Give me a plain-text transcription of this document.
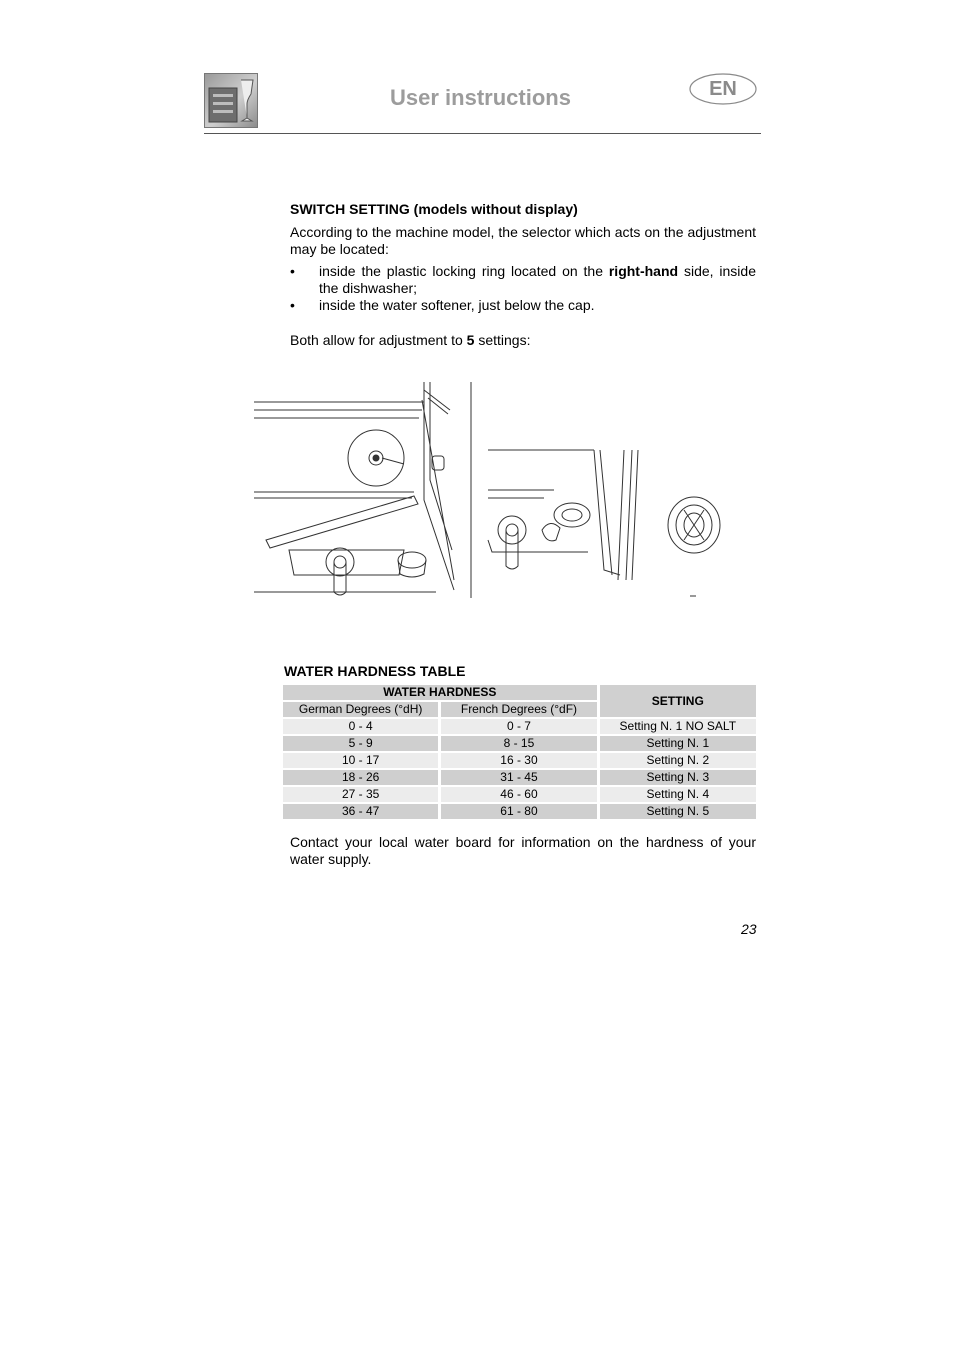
User instructions	EN
SWITCH SETTING (models without display)
According to the machine model, the selector which acts on the adjustment may be located:
• inside the plastic locking ring located on the right-hand side, inside the dishwasher;
• inside the water softener, just below the cap.
Both allow for adjustment to 5 settings:
WATER HARDNESS TABLE
WATER HARDNESS		SETTING
German Degrees (°dH)	French Degrees (°dF)	
0 - 4	0 - 7	Setting N. 1 NO SALT
5 - 9	8 - 15	Setting N. 1
10 - 17	16 - 30	Setting N. 2
18 - 26	31 - 45	Setting N. 3
27 - 35	46 - 60	Setting N. 4
36 - 47	61 - 80	Setting N. 5
Contact your local water board for information on the hardness of your water supply.
23
